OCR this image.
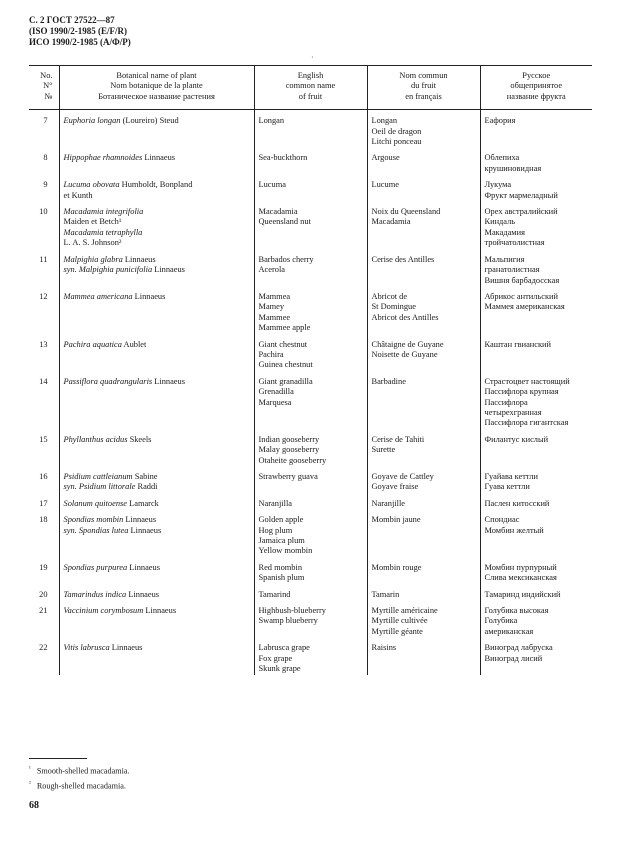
С. 2 ГОСТ 27522—87
(ISO 1990/2-1985 (E/F/R)
ИСО 1990/2-1985 (А/Ф/Р)
No.
N°
№	Botanical name of plant
Nom botanique de la plante
Ботаническое название растения	English
common name
of fruit	Nom commun
du fruit
en français	Русское
общепринятое
название фрукта

7	Euphoria longan (Loureiro) Steud	Longan	Longan
Oeil de dragon
Litchi ponceau	Еафория

8	Hippophae rhamnoides Linnaeus	Sea-buckthorn	Argouse	Облепиха
крушиновидная

9	Lucuma obovata Humboldt, Bonpland
et Kunth	Lucuma	Lucume	Лукума
Фрукт мармеладный

10	Macadamia integrifolia
Maiden et Betch¹
Macadamia tetraphylla
L. A. S. Johnson²	Macadamia
Queensland nut	Noix du Queensland
Macadamia	Орех австралийский
Киндаль
Макадамия
тройчатолистная

11	Malpighia glabra Linnaeus
syn. Malpighia punicifolia Linnaeus	Barbados cherry
Acerola	Cerise des Antilles	Мальпигия
гранатолистная
Вишня барбадосская

12	Mammea americana Linnaeus	Mammea
Mamey
Mammee
Mammee apple	Abricot de
St Domingue
Abricot des Antilles	Абрикос антильский
Маммея американская

13	Pachira aquatica Aublet	Giant chestnut
Pachira
Guinea chestnut	Châtaigne de Guyane
Noisette de Guyane	Каштан гвианский

14	Passiflora quadrangularis Linnaeus	Giant granadilla
Grenadilla
Marquesa	Barbadine	Страстоцвет настоящий
Пассифлора крупная
Пассифлора
четырехгранная
Пассифлора гигантская

15	Phyllanthus acidus Skeels	Indian gooseberry
Malay gooseberry
Otaheite gooseberry	Cerise de Tahiti
Surette	Филантус кислый

16	Psidium cattleianum Sabine
syn. Psidium littorale Raddi	Strawberry guava	Goyave de Cattley
Goyave fraise	Гуайава кеттли
Гуава кеттли

17	Solanum quitoense Lamarck	Naranjilla	Naranjille	Паслен китосский

18	Spondias mombin Linnaeus
syn. Spondias lutea Linnaeus	Golden apple
Hog plum
Jamaica plum
Yellow mombin	Mombin jaune	Спондиас
Момбин желтый

19	Spondias purpurea Linnaeus	Red mombin
Spanish plum	Mombin rouge	Момбин пурпурный
Слива мексиканская

20	Tamarindus indica Linnaeus	Tamarind	Tamarin	Тамаринд индийский

21	Vaccinium corymbosum Linnaeus	Highbush-blueberry
Swamp blueberry	Myrtille américaine
Myrtille cultivée
Myrtille géante	Голубика высокая
Голубика
американская

22	Vitis labrusca Linnaeus	Labrusca grape
Fox grape
Skunk grape	Raisins	Виноград лабруска
Виноград лисий
·
$^{^1}$ Smooth-shelled macadamia.
$^{^2}$ Rough-shelled macadamia.
68
